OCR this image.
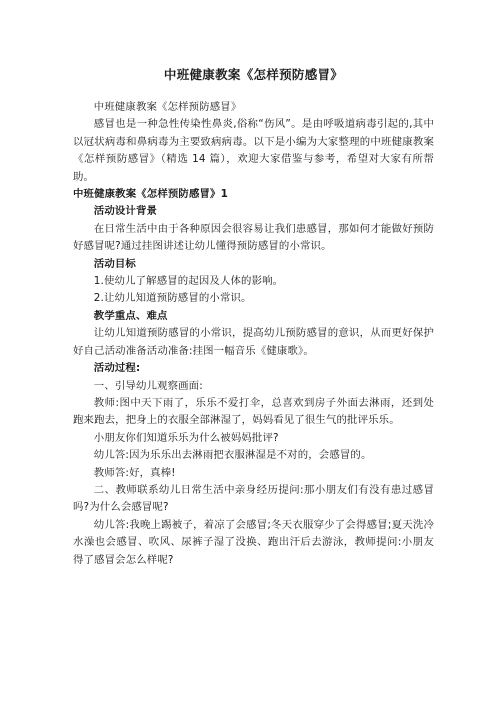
中班健康教案《怎样预防感冒》

中班健康教案《怎样预防感冒》

感冒也是一种急性传染性鼻炎,俗称“伤风”。是由呼吸道病毒引起的,其中以冠状病毒和鼻病毒为主要致病病毒。以下是小编为大家整理的中班健康教案《怎样预防感冒》（精选 14 篇），欢迎大家借鉴与参考，希望对大家有所帮助。

中班健康教案《怎样预防感冒》1

活动设计背景

在日常生活中由于各种原因会很容易让我们患感冒，那如何才能做好预防好感冒呢?通过挂图讲述让幼儿懂得预防感冒的小常识。

活动目标

1.使幼儿了解感冒的起因及人体的影响。

2.让幼儿知道预防感冒的小常识。

教学重点、难点

让幼儿知道预防感冒的小常识，提高幼儿预防感冒的意识，从而更好保护好自己活动准备活动准备:挂图一幅音乐《健康歌》。

活动过程:

一、引导幼儿观察画面:

教师:图中天下雨了，乐乐不爱打伞，总喜欢到房子外面去淋雨，还到处跑来跑去，把身上的衣服全部淋湿了，妈妈看见了很生气的批评乐乐。

小朋友你们知道乐乐为什么被妈妈批评?

幼儿答:因为乐乐出去淋雨把衣服淋湿是不对的，会感冒的。

教师答:好，真棒!

二、教师联系幼儿日常生活中亲身经历提问:那小朋友们有没有患过感冒吗?为什么会感冒呢?

幼儿答:我晚上踢被子，着凉了会感冒;冬天衣服穿少了会得感冒;夏天洗冷水澡也会感冒、吹风、尿裤子湿了没换、跑出汗后去游泳，教师提问:小朋友得了感冒会怎么样呢?
